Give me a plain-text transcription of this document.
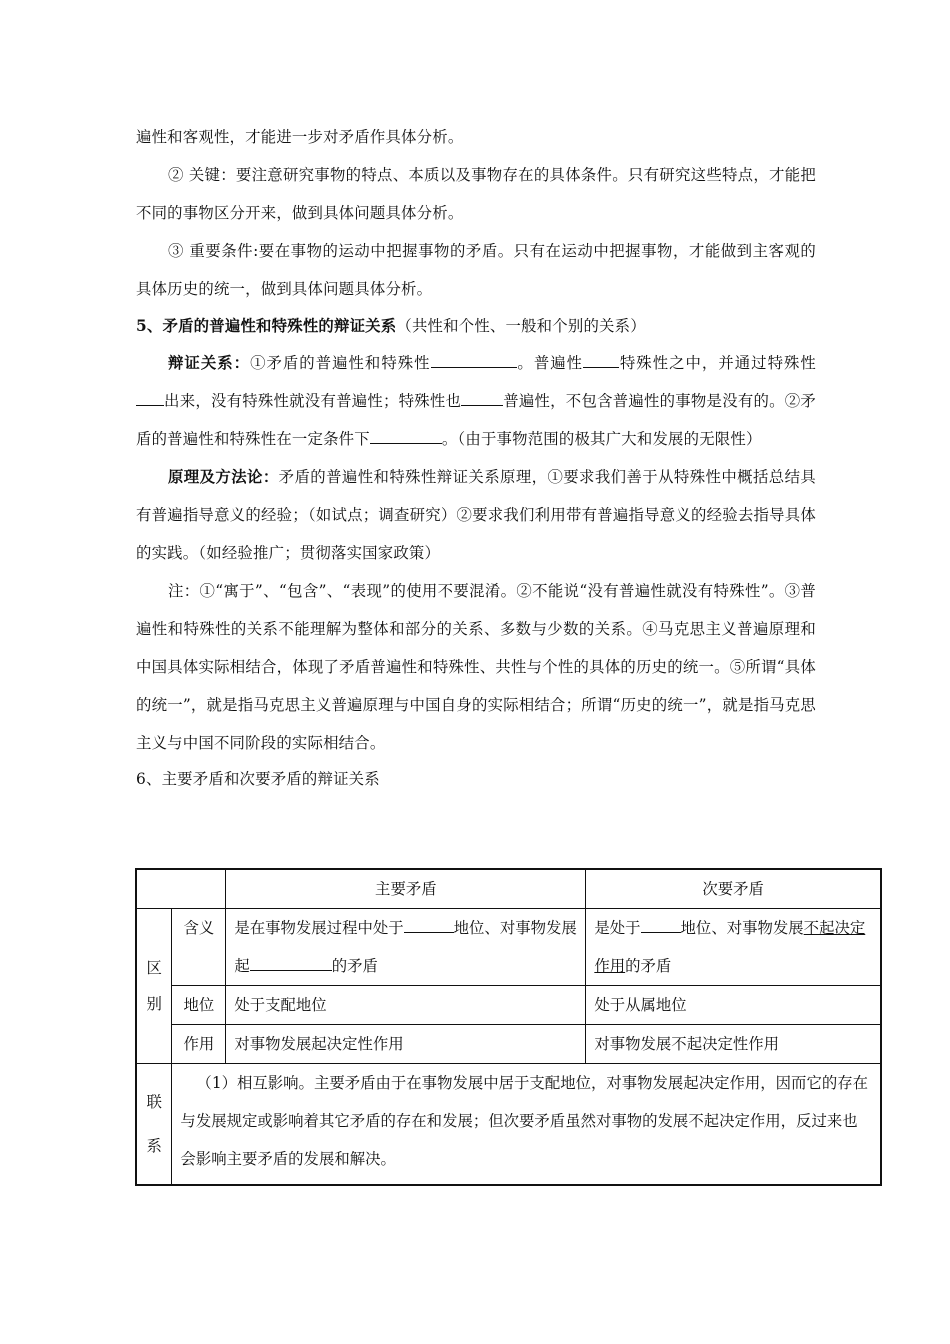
遍性和客观性，才能进一步对矛盾作具体分析。

② 关键：要注意研究事物的特点、本质以及事物存在的具体条件。只有研究这些特点，才能把不同的事物区分开来，做到具体问题具体分析。

③ 重要条件:要在事物的运动中把握事物的矛盾。只有在运动中把握事物，才能做到主客观的具体历史的统一，做到具体问题具体分析。

5、矛盾的普遍性和特殊性的辩证关系（共性和个性、一般和个别的关系）

辩证关系：①矛盾的普遍性和特殊性	。普遍性 特殊性之中，并通过特殊性出来，没有特殊性就没有普遍性；特殊性也	普遍性，不包含普遍性的事物是没有的。②矛盾的普遍性和特殊性在一定条件下	。（由于事物范围的极其广大和发展的无限性）

原理及方法论：矛盾的普遍性和特殊性辩证关系原理，①要求我们善于从特殊性中概括总结具有普遍指导意义的经验；（如试点；调查研究）②要求我们利用带有普遍指导意义的经验去指导具体的实践。（如经验推广；贯彻落实国家政策）

注：①“寓于”、“包含”、“表现”的使用不要混淆。②不能说“没有普遍性就没有特殊性”。③普遍性和特殊性的关系不能理解为整体和部分的关系、多数与少数的关系。④马克思主义普遍原理和中国具体实际相结合，体现了矛盾普遍性和特殊性、共性与个性的具体的历史的统一。⑤所谓“具体的统一”，就是指马克思主义普遍原理与中国自身的实际相结合；所谓“历史的统一”，就是指马克思主义与中国不同阶段的实际相结合。

6、主要矛盾和次要矛盾的辩证关系

		主要矛盾	次要矛盾
区别	含义	是在事物发展过程中处于 地位、对事物发展起 的矛盾	是处于 地位、对事物发展不起决定作用的矛盾
	地位	处于支配地位	处于从属地位
	作用	对事物发展起决定性作用	对事物发展不起决定性作用
联系	（1）相互影响。主要矛盾由于在事物发展中居于支配地位，对事物发展起决定作用，因而它的存在与发展规定或影响着其它矛盾的存在和发展；但次要矛盾虽然对事物的发展不起决定作用，反过来也会影响主要矛盾的发展和解决。		
